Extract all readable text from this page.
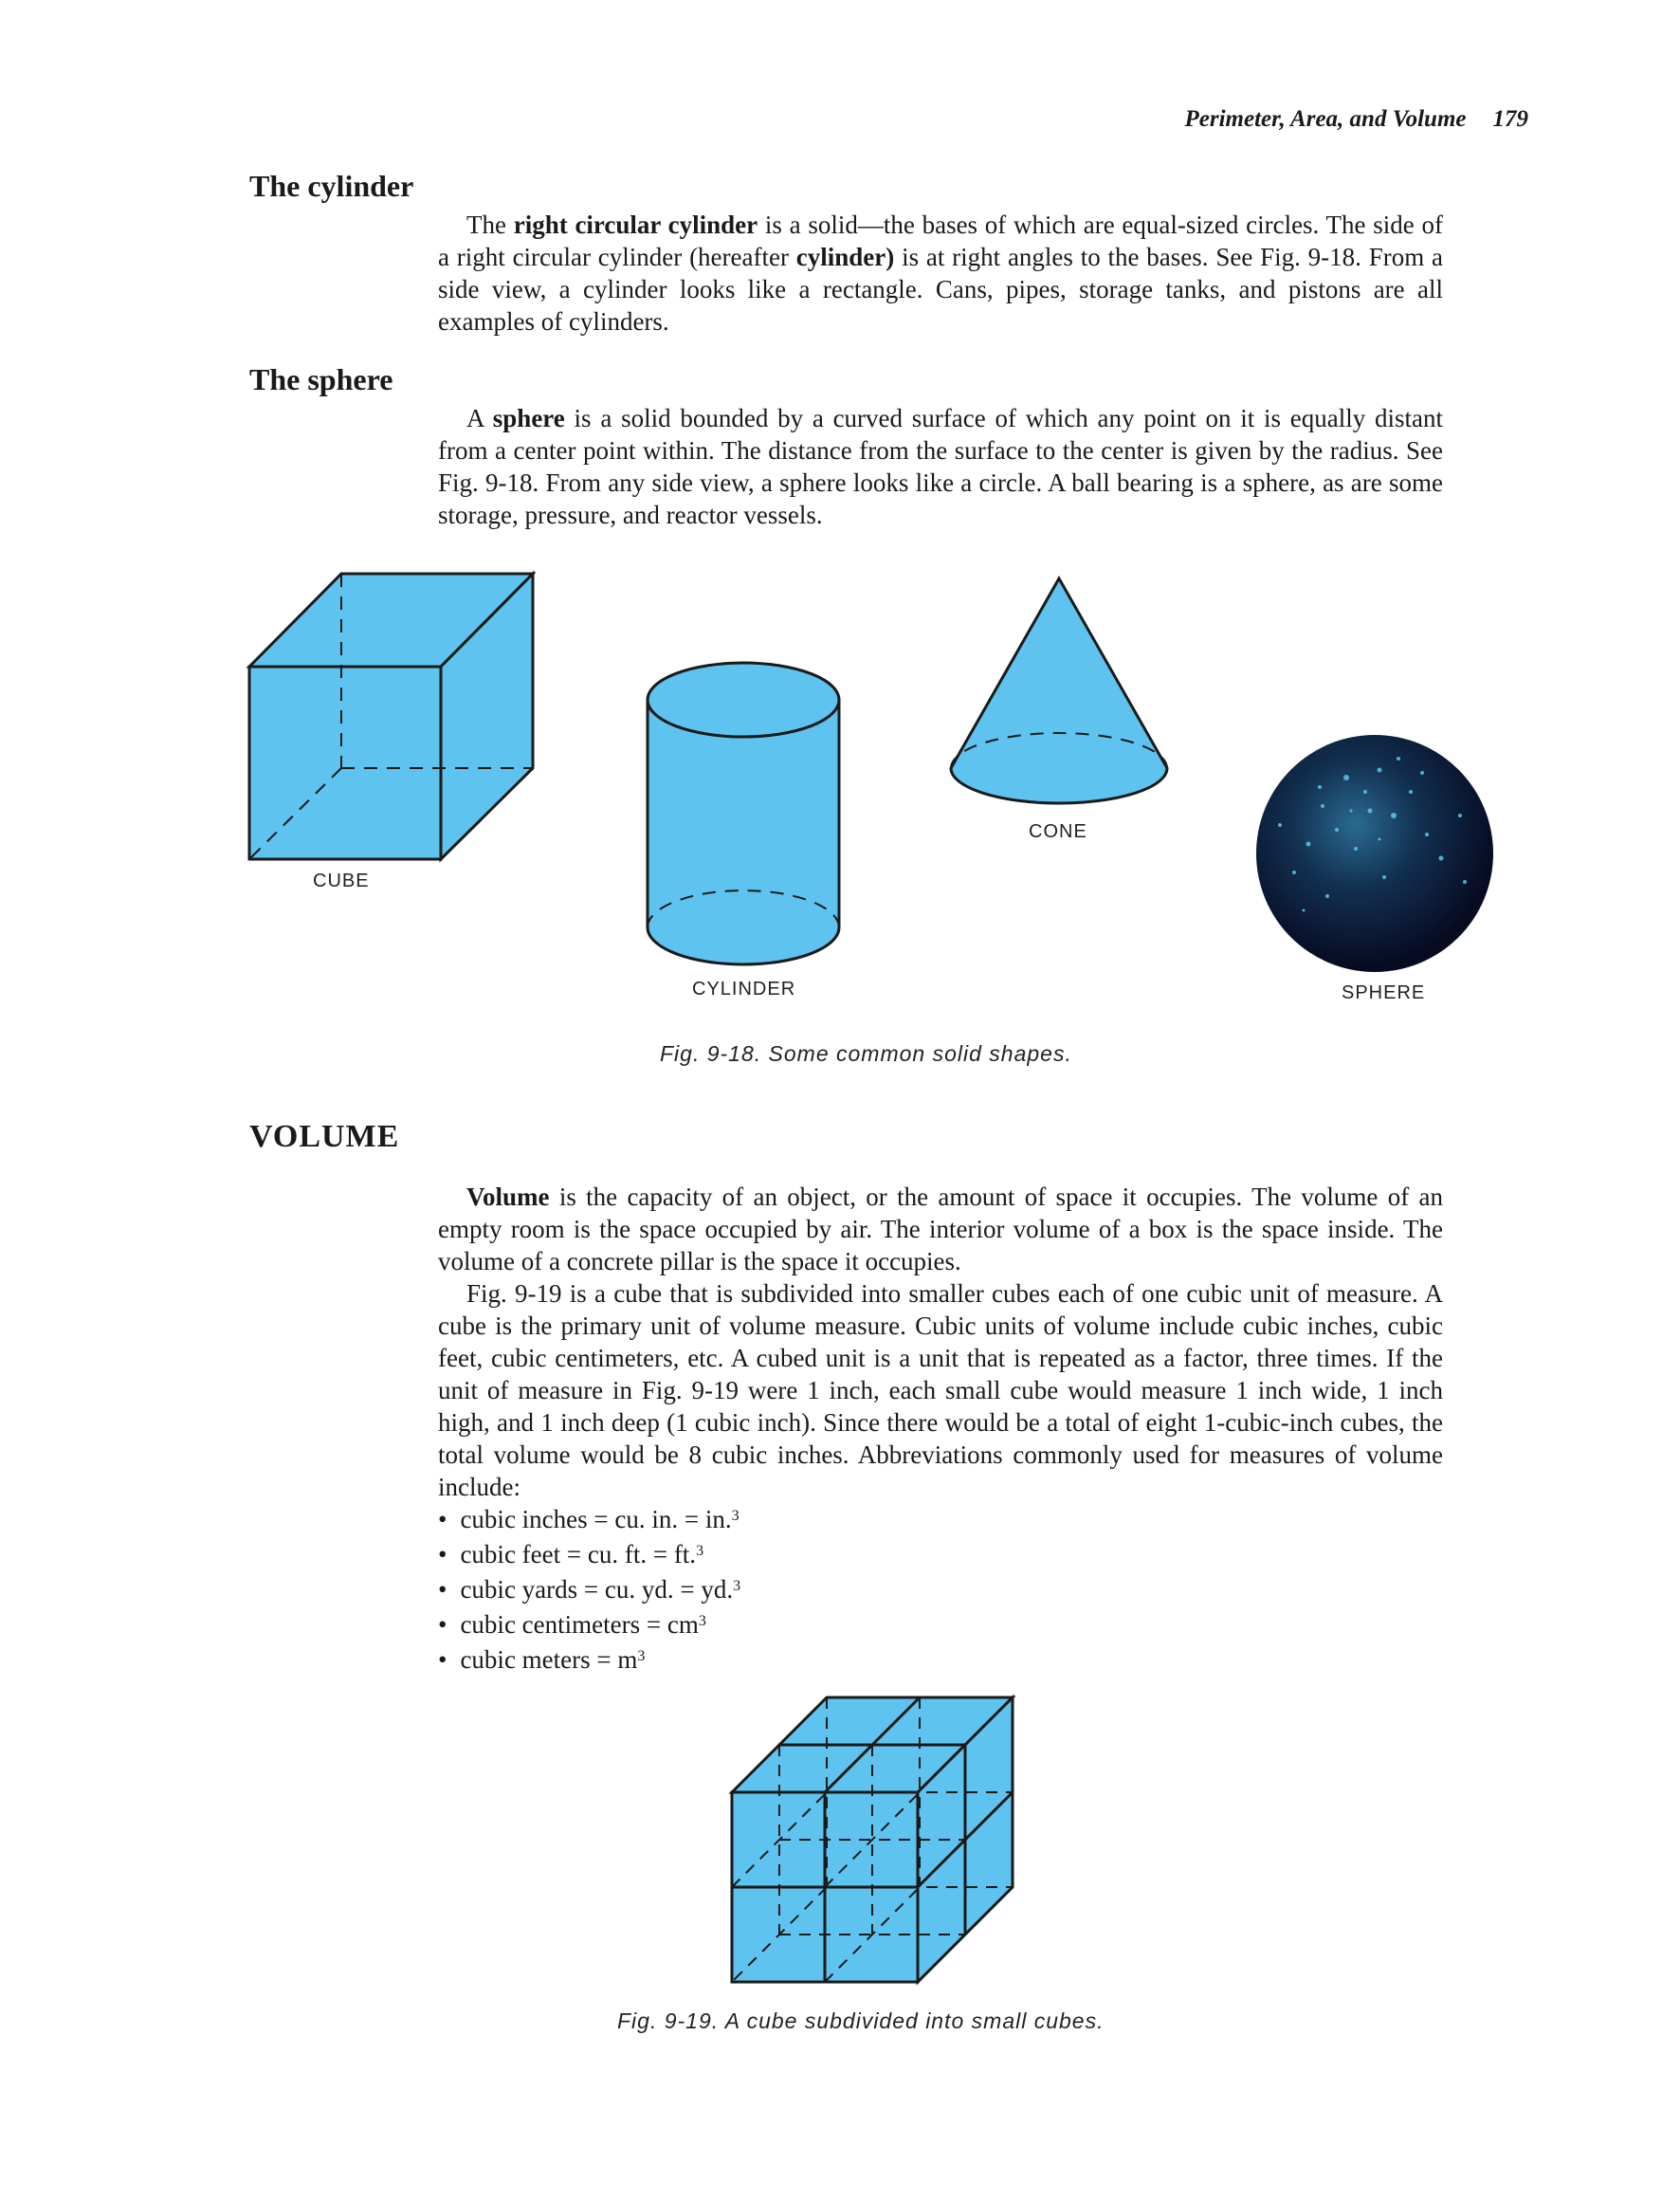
Perimeter, Area, and Volume 179
The cylinder

The right circular cylinder is a solid—the bases of which are equal-sized circles. The side of a right circular cylinder (hereafter cylinder) is at right angles to the bases. See Fig. 9-18. From a side view, a cylinder looks like a rectangle. Cans, pipes, storage tanks, and pistons are all examples of cylinders.

The sphere

A sphere is a solid bounded by a curved surface of which any point on it is equally distant from a center point within. The distance from the surface to the center is given by the radius. See Fig. 9-18. From any side view, a sphere looks like a circle. A ball bearing is a sphere, as are some storage, pressure, and reactor vessels.

CUBE
CYLINDER
CONE
SPHERE
Fig. 9-18. Some common solid shapes.
VOLUME

Volume is the capacity of an object, or the amount of space it occupies. The volume of an empty room is the space occupied by air. The interior volume of a box is the space inside. The volume of a concrete pillar is the space it occupies.

Fig. 9-19 is a cube that is subdivided into smaller cubes each of one cubic unit of measure. A cube is the primary unit of volume measure. Cubic units of volume include cubic inches, cubic feet, cubic centimeters, etc. A cubed unit is a unit that is repeated as a factor, three times. If the unit of measure in Fig. 9-19 were 1 inch, each small cube would measure 1 inch wide, 1 inch high, and 1 inch deep (1 cubic inch). Since there would be a total of eight 1-cubic-inch cubes, the total volume would be 8 cubic inches. Abbreviations commonly used for measures of volume include:

• cubic inches = cu. in. = in.$^3$
• cubic feet = cu. ft. = ft.$^3$
• cubic yards = cu. yd. = yd.$^3$
• cubic centimeters = $cm^3$
• cubic meters = $m^3$
Fig. 9-19. A cube subdivided into small cubes.
